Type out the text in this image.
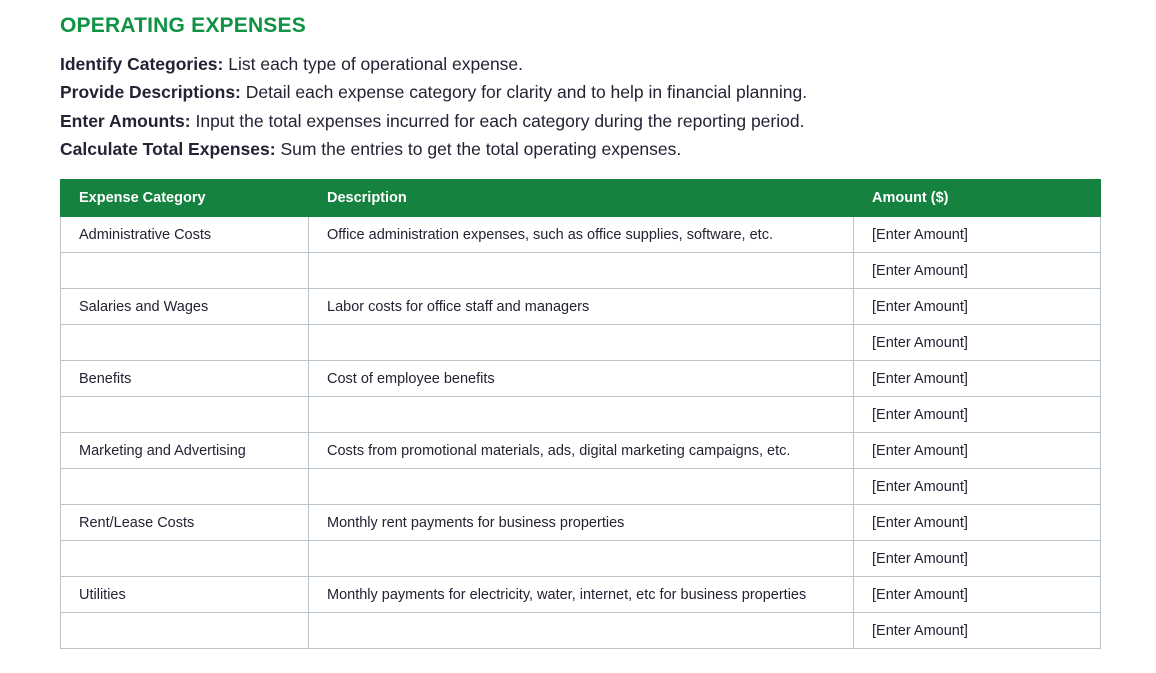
OPERATING EXPENSES
Identify Categories: List each type of operational expense.
Provide Descriptions: Detail each expense category for clarity and to help in financial planning.
Enter Amounts: Input the total expenses incurred for each category during the reporting period.
Calculate Total Expenses: Sum the entries to get the total operating expenses.
Expense Category	Description	Amount ($)
Administrative Costs	Office administration expenses, such as office supplies, software, etc.	[Enter Amount]
		[Enter Amount]
Salaries and Wages	Labor costs for office staff and managers	[Enter Amount]
		[Enter Amount]
Benefits	Cost of employee benefits	[Enter Amount]
		[Enter Amount]
Marketing and Advertising	Costs from promotional materials, ads, digital marketing campaigns, etc.	[Enter Amount]
		[Enter Amount]
Rent/Lease Costs	Monthly rent payments for business properties	[Enter Amount]
		[Enter Amount]
Utilities	Monthly payments for electricity, water, internet, etc for business properties	[Enter Amount]
		[Enter Amount]
